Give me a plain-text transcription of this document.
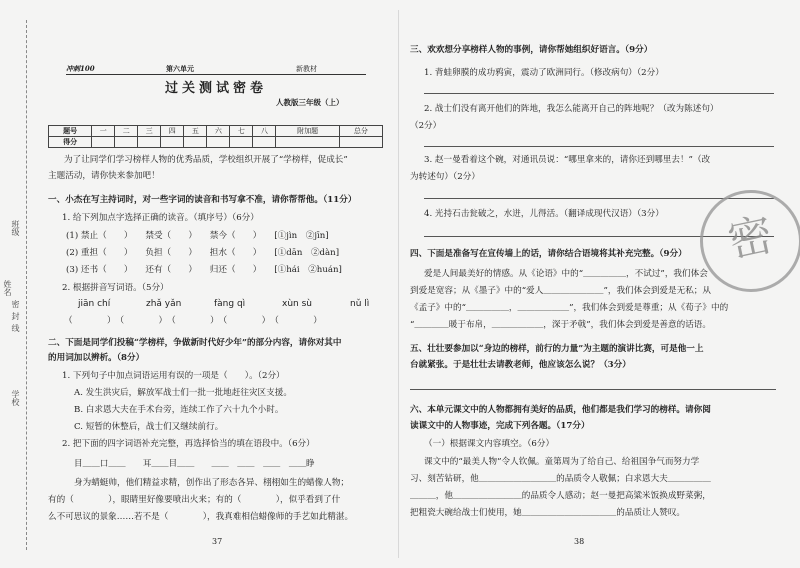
班级
密
封
线
姓名
学校
冲刺100	第六单元	新教材
过关测试密卷
人教版三年级（上）
题号	一	二	三	四	五	六	七	八	附加题	总分
得分										
为了让同学们学习榜样人物的优秀品质，学校组织开展了“学榜样，促成长”
主题活动，请你快来参加吧！
一、小杰在写主持词时，对一些字词的读音和书写拿不准，请你帮帮他。（11分）
1. 给下列加点字选择正确的读音。（填序号）（6分）
(1) 禁止（　　）　　禁受（　　）　　禁今（　　）　　[①jìn　②jīn]
(2) 重担（　　）　　负担（　　）　　担水（　　）　　[①dān　②dàn]
(3) 还书（　　）　　还有（　　）　　归还（　　）　　[①hái　②huán]
2. 根据拼音写词语。（5分）
jiān chí	zhǎ yǎn	fàng qì	xùn sù	nǔ lì
（　　　　）　（　　　　）　（　　　　）　（　　　　）　（　　　　）
二、下面是同学们投稿“学榜样，争做新时代好少年”的部分内容，请你对其中
的用词加以辨析。（8分）
1. 下列句子中加点词语运用有误的一项是（　　）。（2分）
A. 发生洪灾后，解放军战士们一批一批地赶往灾区支援。
B. 白求恩大夫在手术台旁，连续工作了六十九个小时。
C. 短暂的休整后，战士们又继续前行。
2. 把下面的四字词语补充完整，再选择恰当的填在语段中。（6分）
目＿＿口＿＿　　耳＿＿目＿＿　　＿＿　＿＿　＿＿　＿＿睁
身为蜻蜓帅，他们精益求精，创作出了形态各异、栩栩如生的蜡像人物；
有的（　　　　），眼睛里好像要喷出火来；有的（　　　　），似乎看到了什
么不可思议的景象……若不是（　　　　），我真难相信蜡像师的手艺如此精湛。
37
三、欢欢想分享榜样人物的事例，请你帮她组织好语言。（9分）
1. 背蛙卵膜的成功鸦寅，震动了欧洲同行。（修改病句）（2分）
2. 战士们没有离开他们的阵地，我怎么能离开自己的阵地呢？（改为陈述句）
（2分）
3. 赵一曼看着这个碗，对通讯员说：“哪里拿来的，请你还到哪里去！”（改
为转述句）（2分）
4. 光持石击瓮破之，水迸，儿得活。（翻译成现代汉语）（3分）
四、下面是准备写在宣传墙上的话，请你结合语境将其补充完整。（9分）
爱是人间最美好的情感。从《论语》中的“＿＿＿＿＿，不试过”，我们体会
到爱是宽容；从《墨子》中的“爱人＿＿＿＿＿＿＿”，我们体会到爱是无私；从
《孟子》中的“＿＿＿＿＿，＿＿＿＿＿＿”，我们体会到爱是尊重；从《荀子》中的
“＿＿＿＿暖于布帛，＿＿＿＿＿＿，深于矛戟”，我们体会到爱是善意的话语。
五、壮壮要参加以“身边的榜样，前行的力量”为主题的演讲比赛，可是他一上
台就紧张。于是壮壮去请教老师，他应该怎么说？（3分）
六、本单元课文中的人物都拥有美好的品质，他们都是我们学习的榜样。请你阅
读课文中的人物事迹，完成下列各题。（17分）
（一）根据课文内容填空。（6分）
课文中的“最美人物”令人钦佩。童第周为了给自己、给祖国争气而努力学
习、刻苦钻研，他＿＿＿＿＿＿＿＿＿的品质令人敬佩；白求恩大夫＿＿＿＿＿
＿＿＿，他＿＿＿＿＿＿＿＿的品质令人感动；赵一曼把高粱米饭换成野菜粥，
把粗瓷大碗给战士们使用，她＿＿＿＿＿＿＿＿＿＿＿的品质让人赞叹。
38
密
